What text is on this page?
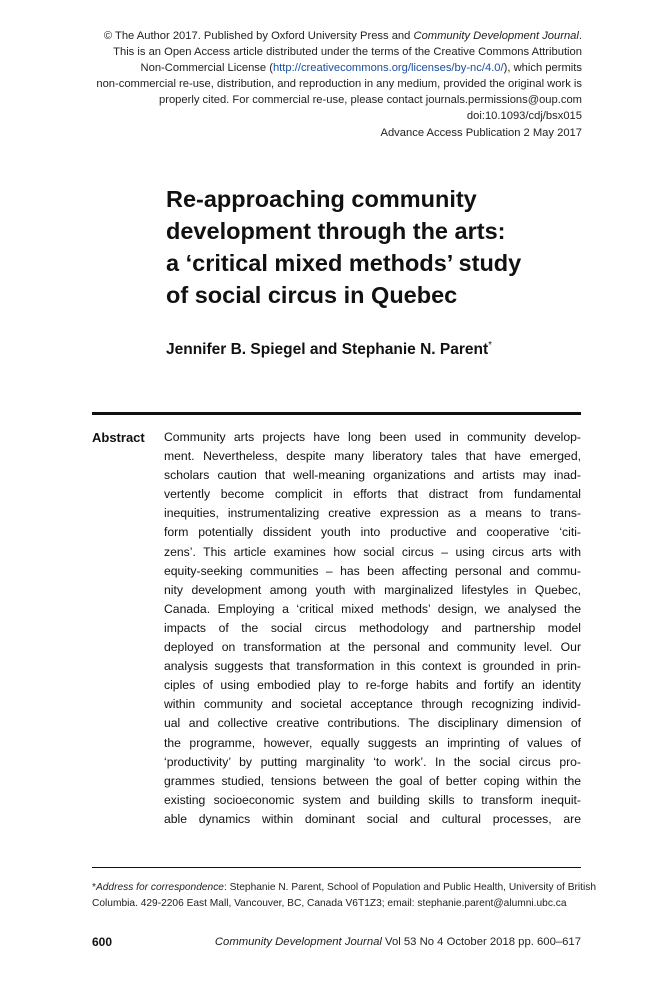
© The Author 2017. Published by Oxford University Press and Community Development Journal.
This is an Open Access article distributed under the terms of the Creative Commons Attribution
Non-Commercial License (http://creativecommons.org/licenses/by-nc/4.0/), which permits
non-commercial re-use, distribution, and reproduction in any medium, provided the original work is
properly cited. For commercial re-use, please contact journals.permissions@oup.com
doi:10.1093/cdj/bsx015
Advance Access Publication 2 May 2017
Re-approaching community
development through the arts:
a ‘critical mixed methods’ study
of social circus in Quebec
Jennifer B. Spiegel and Stephanie N. Parent*
Abstract Community arts projects have long been used in community develop-
ment. Nevertheless, despite many liberatory tales that have emerged,
scholars caution that well-meaning organizations and artists may inad-
vertently become complicit in efforts that distract from fundamental
inequities, instrumentalizing creative expression as a means to trans-
form potentially dissident youth into productive and cooperative ‘citi-
zens’. This article examines how social circus – using circus arts with
equity-seeking communities – has been affecting personal and commu-
nity development among youth with marginalized lifestyles in Quebec,
Canada. Employing a ‘critical mixed methods’ design, we analysed the
impacts of the social circus methodology and partnership model
deployed on transformation at the personal and community level. Our
analysis suggests that transformation in this context is grounded in prin-
ciples of using embodied play to re-forge habits and fortify an identity
within community and societal acceptance through recognizing individ-
ual and collective creative contributions. The disciplinary dimension of
the programme, however, equally suggests an imprinting of values of
‘productivity’ by putting marginality ‘to work’. In the social circus pro-
grammes studied, tensions between the goal of better coping within the
existing socioeconomic system and building skills to transform inequit-
able dynamics within dominant social and cultural processes, are
*Address for correspondence: Stephanie N. Parent, School of Population and Public Health, University of British
Columbia. 429-2206 East Mall, Vancouver, BC, Canada V6T1Z3; email: stephanie.parent@alumni.ubc.ca
600	Community Development Journal Vol 53 No 4 October 2018 pp. 600–617
